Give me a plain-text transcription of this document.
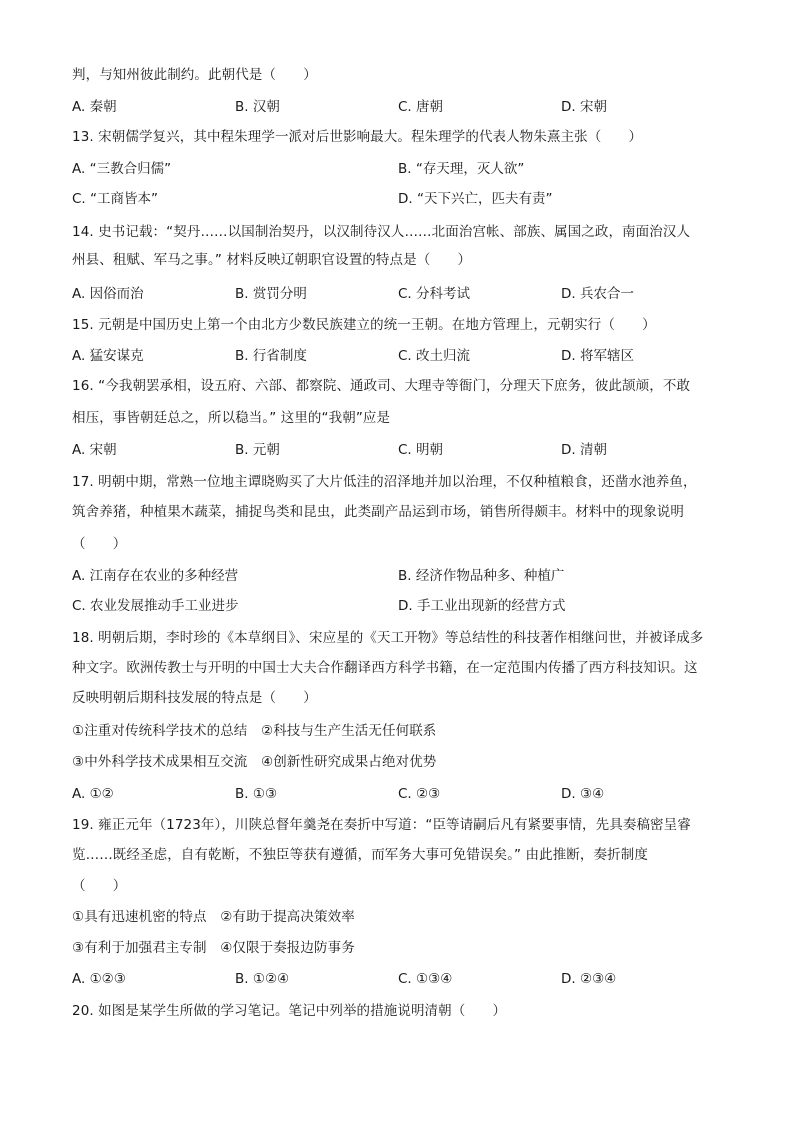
判，与知州彼此制约。此朝代是（　　）
A. 秦朝	B. 汉朝	C. 唐朝	D. 宋朝
13. 宋朝儒学复兴，其中程朱理学一派对后世影响最大。程朱理学的代表人物朱熹主张（　　）
A. “三教合归儒”	B. “存天理，灭人欲”
C. “工商皆本”	D. “天下兴亡，匹夫有责”
14. 史书记载：“契丹……以国制治契丹，以汉制待汉人……北面治宫帐、部族、属国之政，南面治汉人
州县、租赋、军马之事。” 材料反映辽朝职官设置的特点是（　　）
A. 因俗而治	B. 赏罚分明	C. 分科考试	D. 兵农合一
15. 元朝是中国历史上第一个由北方少数民族建立的统一王朝。在地方管理上，元朝实行（　　）
A. 猛安谋克	B. 行省制度	C. 改土归流	D. 将军辖区
16. “今我朝罢承相，设五府、六部、都察院、通政司、大理寺等衙门，分理天下庶务，彼此颉颃，不敢
相压，事皆朝廷总之，所以稳当。” 这里的“我朝”应是
A. 宋朝	B. 元朝	C. 明朝	D. 清朝
17. 明朝中期，常熟一位地主谭晓购买了大片低洼的沼泽地并加以治理，不仅种植粮食，还凿水池养鱼，
筑舍养猪，种植果木蔬菜，捕捉鸟类和昆虫，此类副产品运到市场，销售所得颇丰。材料中的现象说明
（　　）
A. 江南存在农业的多种经营	B. 经济作物品种多、种植广
C. 农业发展推动手工业进步	D. 手工业出现新的经营方式
18. 明朝后期，李时珍的《本草纲目》、宋应星的《天工开物》等总结性的科技著作相继问世，并被译成多
种文字。欧洲传教士与开明的中国士大夫合作翻译西方科学书籍，在一定范围内传播了西方科技知识。这
反映明朝后期科技发展的特点是（　　）
①注重对传统科学技术的总结　②科技与生产生活无任何联系
③中外科学技术成果相互交流　④创新性研究成果占绝对优势
A. ①②	B. ①③	C. ②③	D. ③④
19. 雍正元年（1723年），川陕总督年羹尧在奏折中写道：“臣等请嗣后凡有紧要事情，先具奏稿密呈睿
览……既经圣虑，自有乾断，不独臣等获有遵循，而军务大事可免错误矣。” 由此推断，奏折制度
（　　）
①具有迅速机密的特点　②有助于提高决策效率
③有利于加强君主专制　④仅限于奏报边防事务
A. ①②③	B. ①②④	C. ①③④	D. ②③④
20. 如图是某学生所做的学习笔记。笔记中列举的措施说明清朝（　　）
